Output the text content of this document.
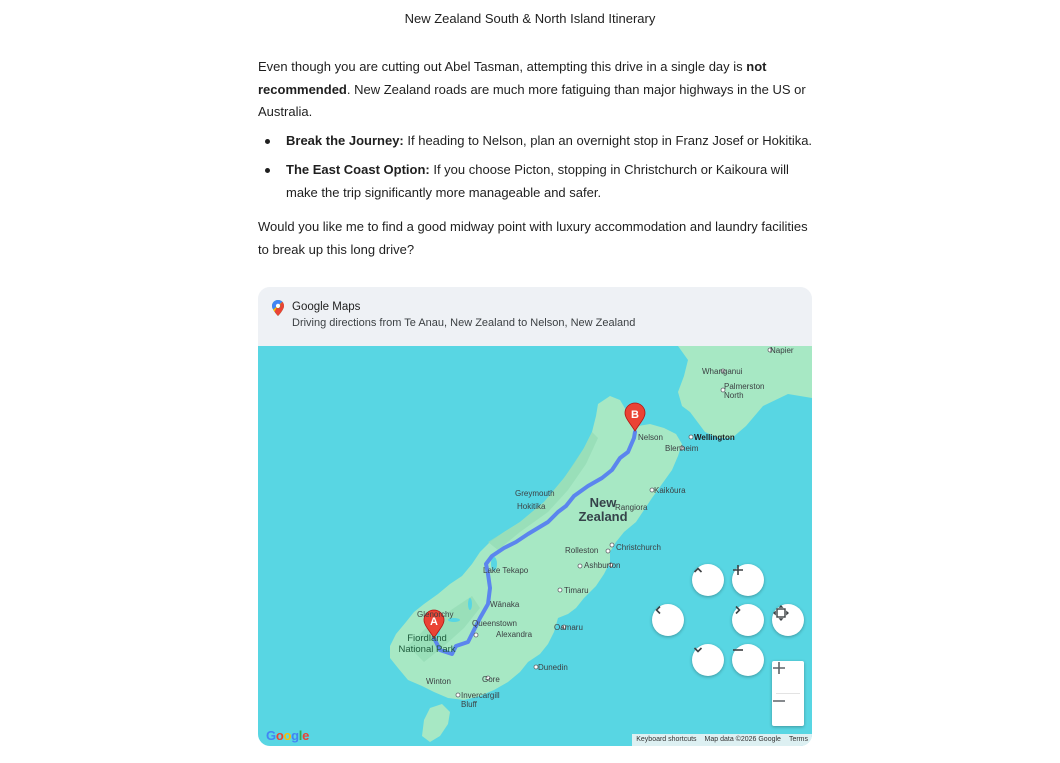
New Zealand South & North Island Itinerary

Even though you are cutting out Abel Tasman, attempting this drive in a single day is not recommended. New Zealand roads are much more fatiguing than major highways in the US or Australia.

Break the Journey: If heading to Nelson, plan an overnight stop in Franz Josef or Hokitika.
The East Coast Option: If you choose Picton, stopping in Christchurch or Kaikoura will make the trip significantly more manageable and safer.

Would you like me to find a good midway point with luxury accommodation and laundry facilities to break up this long drive?

Google Maps
Driving directions from Te Anau, New Zealand to Nelson, New Zealand
Napier
Whanganui
Palmerston
North
Wellington
Nelson
Blenheim
Greymouth
Hokitika
Kaikōura
New
Zealand
Rangiora
Christchurch
Rolleston
Ashburton
Lake Tekapo
Timaru
Glenorchy
Wānaka
Queenstown
Alexandra
Oamaru
Fiordland
National Park
Dunedin
Gore
Winton
Invercargill
Bluff
A
B
Google	Keyboard shortcuts	Map data ©2026 Google	Terms
